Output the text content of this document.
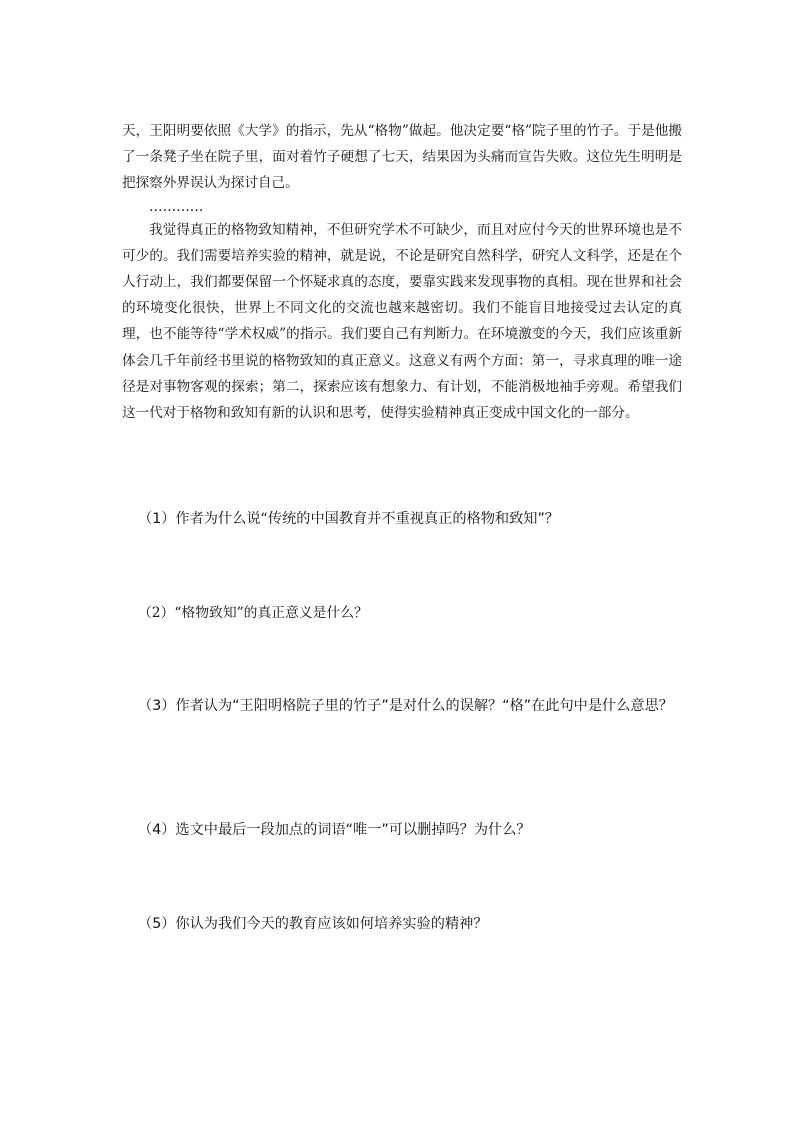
天，王阳明要依照《大学》的指示，先从“格物”做起。他决定要“格”院子里的竹子。于是他搬了一条凳子坐在院子里，面对着竹子硬想了七天，结果因为头痛而宣告失败。这位先生明明是把探察外界误认为探讨自己。

…………

我觉得真正的格物致知精神，不但研究学术不可缺少，而且对应付今天的世界环境也是不可少的。我们需要培养实验的精神，就是说，不论是研究自然科学，研究人文科学，还是在个人行动上，我们都要保留一个怀疑求真的态度，要靠实践来发现事物的真相。现在世界和社会的环境变化很快，世界上不同文化的交流也越来越密切。我们不能盲目地接受过去认定的真理，也不能等待“学术权威”的指示。我们要自己有判断力。在环境激变的今天，我们应该重新体会几千年前经书里说的格物致知的真正意义。这意义有两个方面：第一，寻求真理的唯一途径是对事物客观的探索；第二，探索应该有想象力、有计划，不能消极地袖手旁观。希望我们这一代对于格物和致知有新的认识和思考，使得实验精神真正变成中国文化的一部分。

（1）作者为什么说“传统的中国教育并不重视真正的格物和致知”？

（2）“格物致知”的真正意义是什么？

（3）作者认为“王阳明格院子里的竹子”是对什么的误解？“格”在此句中是什么意思？

（4）选文中最后一段加点的词语“唯一”可以删掉吗？为什么？

（5）你认为我们今天的教育应该如何培养实验的精神？
